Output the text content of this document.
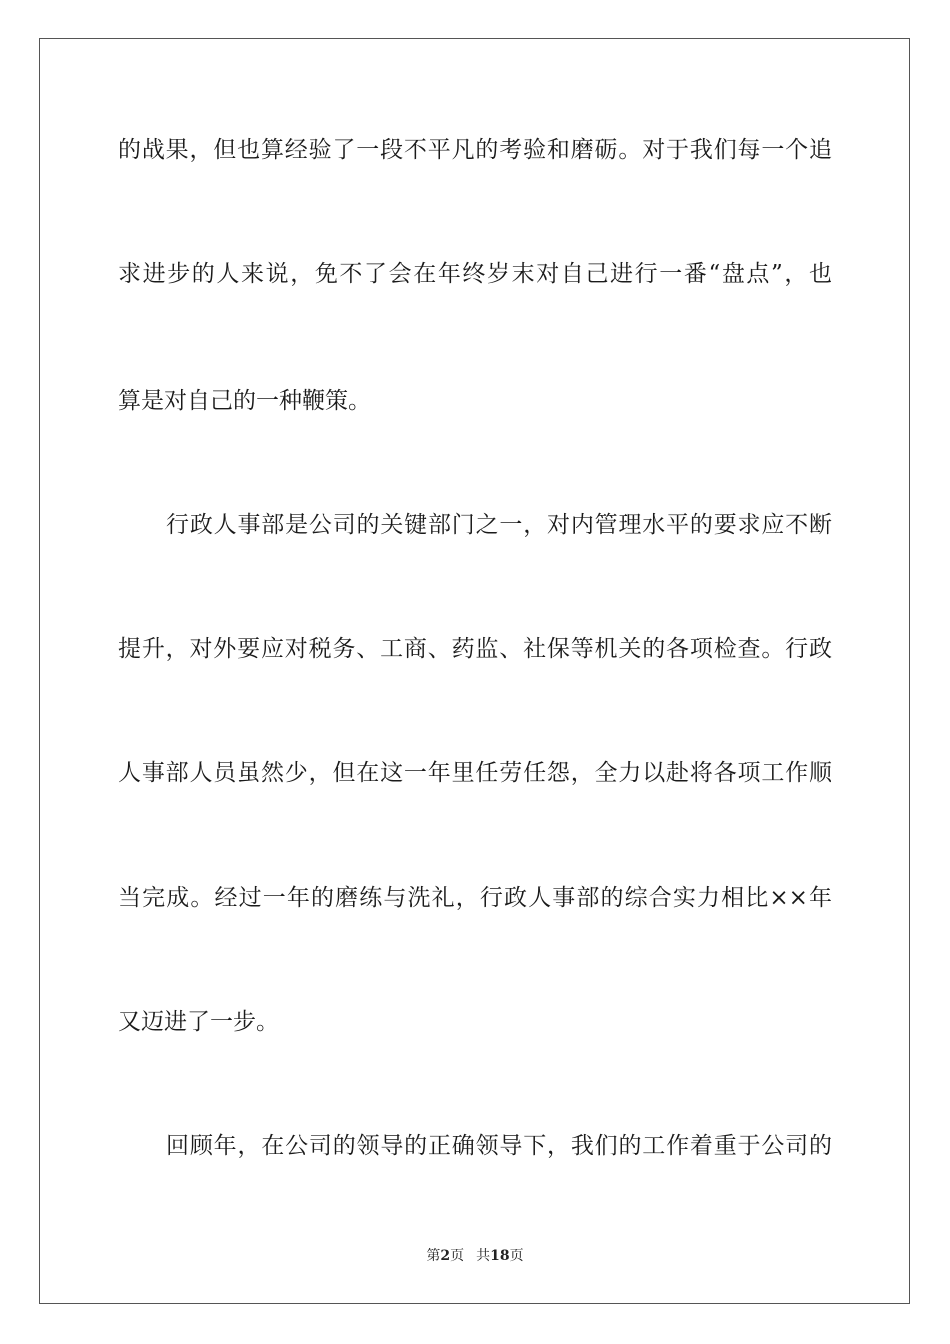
的战果，但也算经验了一段不平凡的考验和磨砺。对于我们每一个追
求进步的人来说，免不了会在年终岁末对自己进行一番“盘点”，也
算是对自己的一种鞭策。
行政人事部是公司的关键部门之一，对内管理水平的要求应不断
提升，对外要应对税务、工商、药监、社保等机关的各项检查。行政
人事部人员虽然少，但在这一年里任劳任怨，全力以赴将各项工作顺
当完成。经过一年的磨练与洗礼，行政人事部的综合实力相比××年
又迈进了一步。
回顾年，在公司的领导的正确领导下，我们的工作着重于公司的
第2页 共18页
